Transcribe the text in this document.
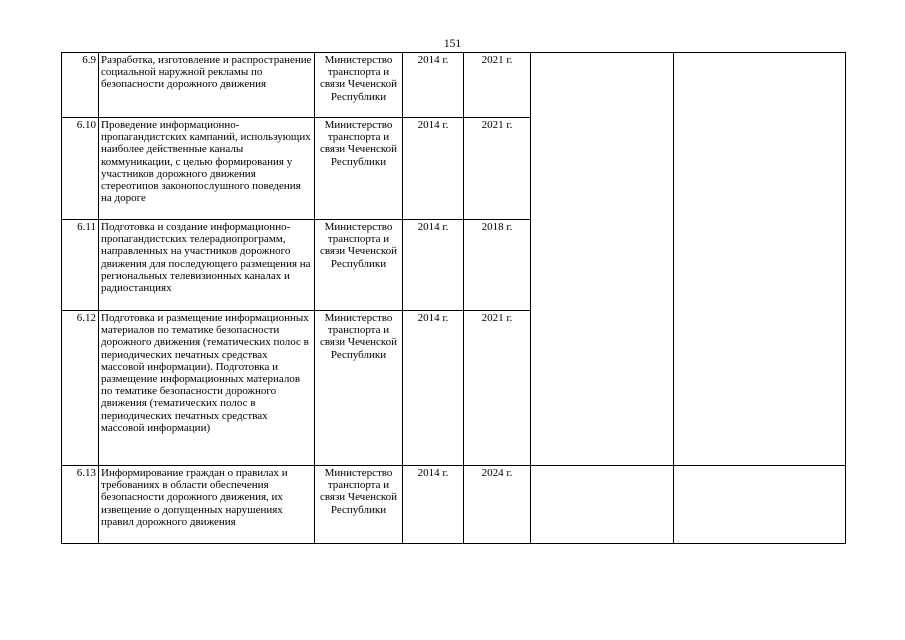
151
6.9	Разработка, изготовление и распространение социальной наружной рекламы по безопасности дорожного движения	Министерство транспорта и связи Чеченской Республики	2014 г.	2021 г.		
6.10	Проведение информационно-пропагандистских кампаний, использующих наиболее действенные каналы коммуникации, с целью формирования у участников дорожного движения стереотипов законопослушного поведения на дороге	Министерство транспорта и связи Чеченской Республики	2014 г.	2021 г.		
6.11	Подготовка и создание информационно-пропагандистских телерадиопрограмм, направленных на участников дорожного движения для последующего размещения на региональных телевизионных каналах и радиостанциях	Министерство транспорта и связи Чеченской Республики	2014 г.	2018 г.		
6.12	Подготовка и размещение информационных материалов по тематике безопасности дорожного движения (тематических полос в периодических печатных средствах массовой информации). Подготовка и размещение информационных материалов по тематике безопасности дорожного движения (тематических полос в периодических печатных средствах массовой информации)	Министерство транспорта и связи Чеченской Республики	2014 г.	2021 г.		
6.13	Информирование граждан о правилах и требованиях в области обеспечения безопасности дорожного движения, их извещение о допущенных нарушениях правил дорожного движения	Министерство транспорта и связи Чеченской Республики	2014 г.	2024 г.		
